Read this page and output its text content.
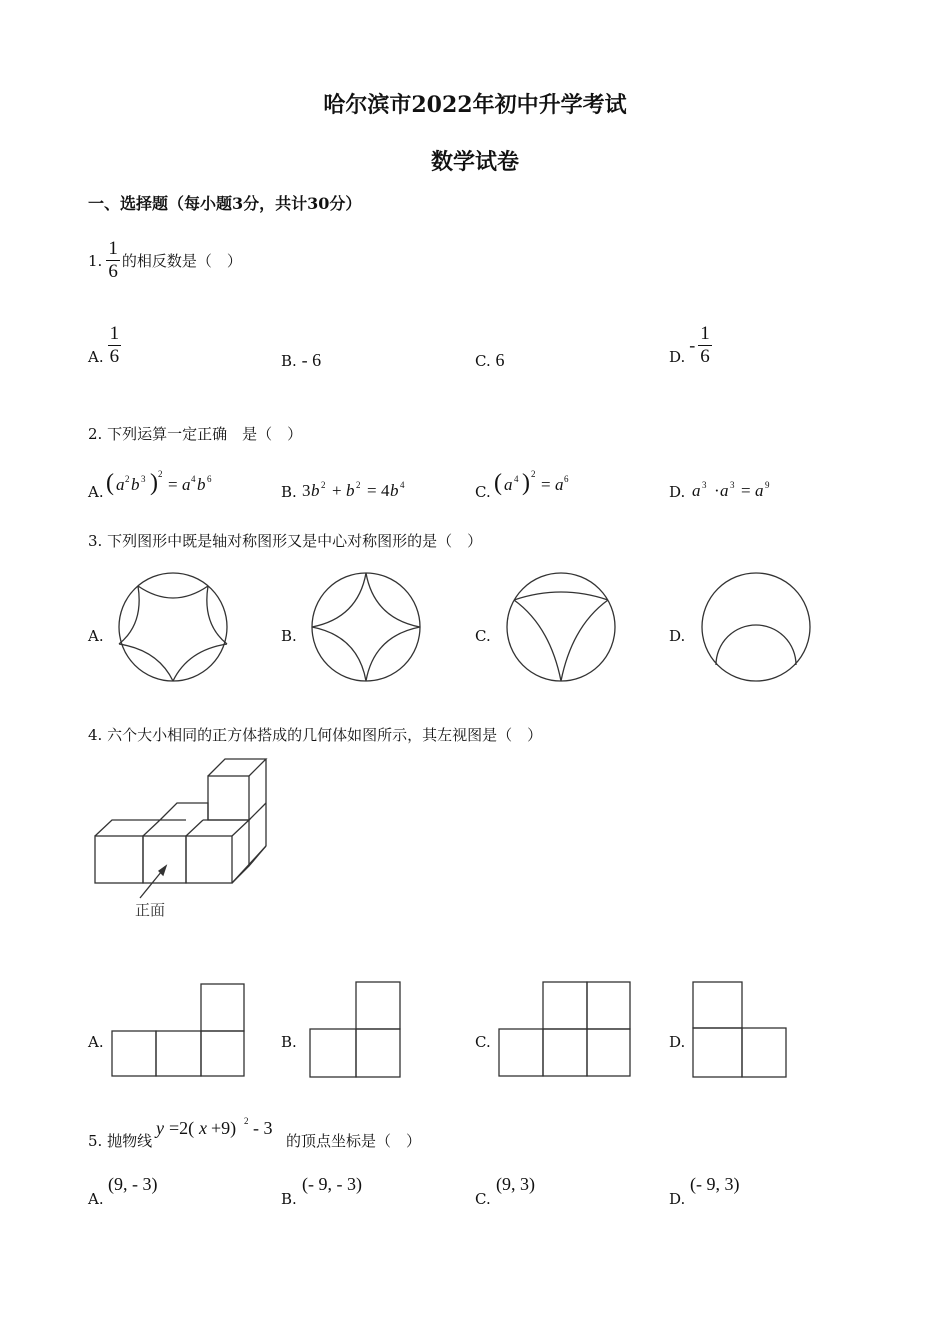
哈尔滨市2022年初中升学考试
数学试卷
一、选择题（每小题3分，共计30分）
1. $\frac{1}{6}$ 的相反数是（　）
A. $\frac{1}{6}$	B. - 6	C. 6	D.
- $\frac{1}{6}$
2. 下列运算一定正确　是（　）
A. ( a 2 b 3 ) 2
= a 4 b 6
B. 3 b 2 + b 2 = 4 b 4	C. ( a 4 ) 2
= a 6
D. a 3 · a 3 = a 9
3. 下列图形中既是轴对称图形又是中心对称图形的是（　）
A.	B.	C.	D.
4. 六个大小相同的正方体搭成的几何体如图所示，其左视图是（　）
正面
A.	B.	C.	D.
5. 抛物线
y =2( x +9) 2 - 3
的顶点坐标是（　）
A.
(9, - 3)
B.
(- 9, - 3)
C.
(9, 3)
D.
(- 9, 3)
